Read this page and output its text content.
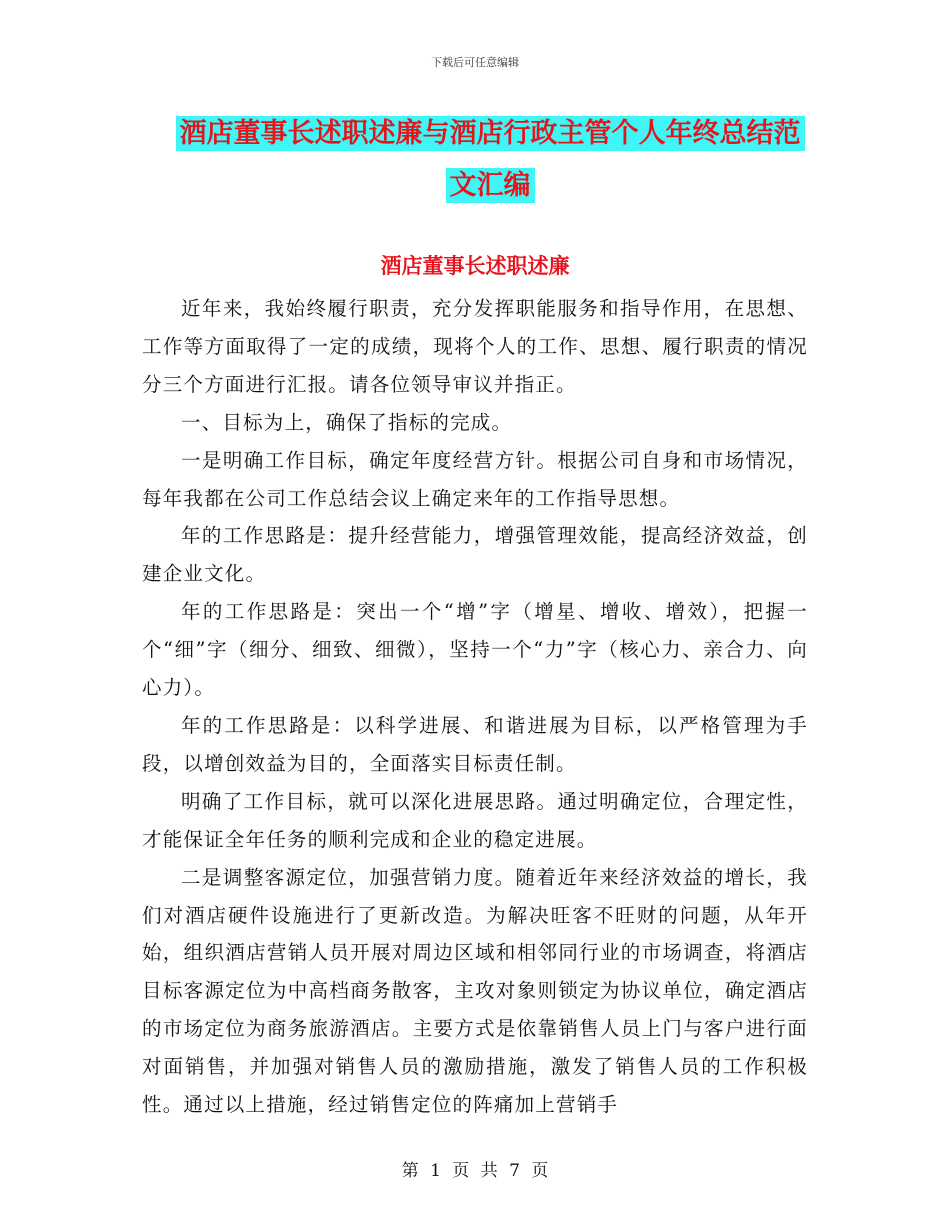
下载后可任意编辑
酒店董事长述职述廉与酒店行政主管个人年终总结范
文汇编
酒店董事长述职述廉

近年来，我始终履行职责，充分发挥职能服务和指导作用，在思想、工作等方面取得了一定的成绩，现将个人的工作、思想、履行职责的情况分三个方面进行汇报。请各位领导审议并指正。

一、目标为上，确保了指标的完成。

一是明确工作目标，确定年度经营方针。根据公司自身和市场情况，每年我都在公司工作总结会议上确定来年的工作指导思想。

年的工作思路是：提升经营能力，增强管理效能，提高经济效益，创建企业文化。

年的工作思路是：突出一个“增”字（增星、增收、增效），把握一个“细”字（细分、细致、细微），坚持一个“力”字（核心力、亲合力、向心力）。

年的工作思路是：以科学进展、和谐进展为目标，以严格管理为手段，以增创效益为目的，全面落实目标责任制。

明确了工作目标，就可以深化进展思路。通过明确定位，合理定性，才能保证全年任务的顺利完成和企业的稳定进展。

二是调整客源定位，加强营销力度。随着近年来经济效益的增长，我们对酒店硬件设施进行了更新改造。为解决旺客不旺财的问题，从年开始，组织酒店营销人员开展对周边区域和相邻同行业的市场调查，将酒店目标客源定位为中高档商务散客，主攻对象则锁定为协议单位，确定酒店的市场定位为商务旅游酒店。主要方式是依靠销售人员上门与客户进行面对面销售，并加强对销售人员的激励措施，激发了销售人员的工作积极性。通过以上措施，经过销售定位的阵痛加上营销手

第 1 页 共 7 页
